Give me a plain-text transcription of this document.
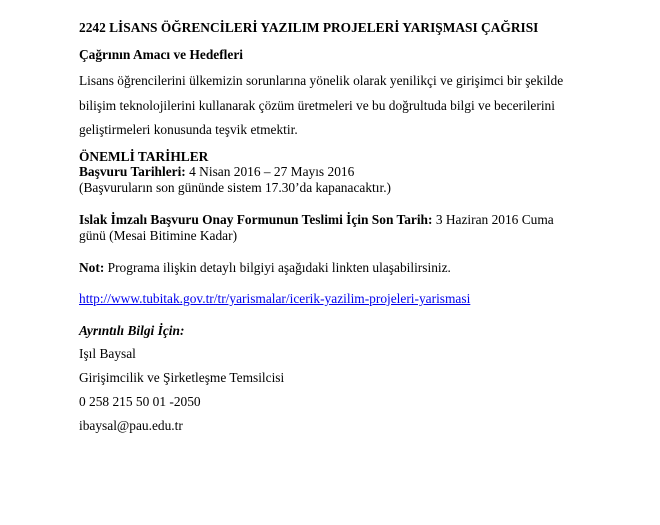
2242 LİSANS ÖĞRENCİLERİ YAZILIM PROJELERİ YARIŞMASI ÇAĞRISI
Çağrının Amacı ve Hedefleri
Lisans öğrencilerini ülkemizin sorunlarına yönelik olarak yenilikçi ve girişimci bir şekilde
bilişim teknolojilerini kullanarak çözüm üretmeleri ve bu doğrultuda bilgi ve becerilerini
geliştirmeleri konusunda teşvik etmektir.
ÖNEMLİ TARİHLER
Başvuru Tarihleri: 4 Nisan 2016 – 27 Mayıs 2016
(Başvuruların son gününde sistem 17.30’da kapanacaktır.)
Islak İmzalı Başvuru Onay Formunun Teslimi İçin Son Tarih: 3 Haziran 2016 Cuma
günü (Mesai Bitimine Kadar)
Not: Programa ilişkin detaylı bilgiyi aşağıdaki linkten ulaşabilirsiniz.
http://www.tubitak.gov.tr/tr/yarismalar/icerik-yazilim-projeleri-yarismasi
Ayrıntılı Bilgi İçin:
Işıl Baysal
Girişimcilik ve Şirketleşme Temsilcisi
0 258 215 50 01 -2050
ibaysal@pau.edu.tr
